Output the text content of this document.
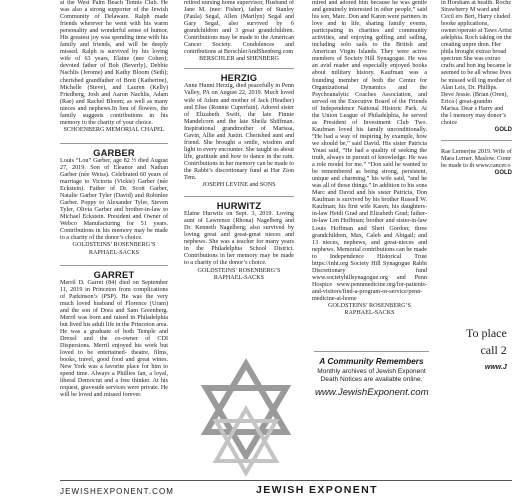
at the West Palm Beach Tennis Club. He was also a strong supporter of the Jewish Community of Delaware. Ralph made friends wherever he went with his warm personality and wonderful sense of humor. His greatest joy was spending time with his family and friends, and will be deeply missed. Ralph is survived by his loving wife of 63 years, Elaine (nee Cohen); devoted father of Bob (Beverly), Debbie Nachlis (Jerome) and Kathy Bloom (Seth); cherished grandfather of Brett (Katherine), Michelle (Steve), and Lauren (Kelly) Friedberg, Josh and Aaron Nachlis, Adam (Rae) and Rachel Bloom; as well as many nieces and nephews.In lieu of flowers, the family suggests contributions in his memory to the charity of your choice.

SCHOENBERG MEMORIAL CHAPEL

GARBER

Louis “Lou” Garber, age 82 ½ died August 27, 2019. Son of Eleanor and Nathan Garber (née Weiss). Celebrated 60 years of marriage to Victoria (Vickie) Garber (née Eckstein). Father of Dr. Scott Garber, Natalie Garber Tyler (David) and Robinlee Garber. Poppy to Alexander Tyler, Steven Tyler, Olivia Garber and brother-in-law to Michael Eckstein. President and Owner of Webco Manufacturing for 51 years. Contributions in his memory may be made to a charity of the donor’s choice.

GOLDSTEINS’ ROSENBERG’S

RAPHAEL-SACKS

GARRET

Merril D. Garret (84) died on September 11, 2019 in Princeton from complications of Parkinson’s (PSP). He was the very much loved husband of Florence (Uram) and the son of Dora and Sam Greenberg. Merril was born and raised in Philadelphia but lived his adult life in the Princeton area. He was a graduate of both Temple and Drexel and the co-owner of CDI Dispersions. Merril enjoyed his work but loved to be entertained- theatre, films, books, travel, good food and great wines. New York was a favorite place for him to spend time. Always a Phillies fan, a loyal, liberal Democrat and a free thinker. At his request, graveside services were private. He will be loved and missed forever.

retired nursing home supervisor, Husband of Jane M. (nee: Fisher), father of Stanley (Paula) Segal, Allen (Marilyn) Segal and Gary Segal, also survived by 6 grandchildren and 3 great grandchildren. Contributions may be made to the American Cancer Society. Condolences and contributions at BerschlerAndShenberg.com

BERSCHLER and SHENBERG

HERZIG

Anne Hunni Herzig, died peacefully in Penn Valley, PA on August 22, 2019. Much loved wife of Adam and mother of Jack (Heather) and Elise (Ronnie Cuperfain). Adored sister of Elizabeth Swift, the late Finnie Mandelcorn and the late Sheila Shiffman. Inspirational grandmother of Marissa, Gavin, Allie and Justin. Cherished aunt and friend. She brought a smile, wisdom and light to every encounter. She taught us about life, gratitude and how to dance in the rain. Contributions in her memory can be made to the Rabbi’s discretionary fund at Har Zion Tem.

JOSEPH LEVINE and SONS

HURWITZ

Elaine Hurwitz on Sept. 3, 2019. Loving aunt of Lawrence (Rhona) Nagelberg and Dr. Kenneth Nagelberg; also survived by loving great and great-great nieces and nephews. She was a teacher for many years in the Philadelphia School District. Contributions in her memory may be made to a charity of the donor’s choice.

GOLDSTEINS’ ROSENBERG’S

RAPHAEL-SACKS

mired and adored him because he was gentle and genuinely interested in other people,” said his son, Marc. Don and Karen were partners in love and in life, sharing family events, participating in charities and community activities, and enjoying golfing and sailing, including solo sails to the British and American Virgin Islands. They were active members of Society Hill Synagogue. He was an avid reader and especially enjoyed books about military history. Kaufman was a founding member of both the Center for Organizational Dynamics and the Psychoanalytic Coaches Association, and served on the Executive Board of the Friends of Independence National Historic Park. At the Union League of Philadelphia, he served as President of Investment Club Two. Kaufman loved his family unconditionally. “He had a way of inspiring by example, how we should be,” said David. His sister Patricia Youst said, “He had a quality of seeking the truth, always in pursuit of knowledge. He was a role model for me.” “Don said he wanted to be remembered as being strong, persistent, unique and charming,” his wife said, “and he was all of those things.” In addition to his sons Marc and David and his sister Patricia, Don Kaufman is survived by his brother Russell W. Kaufman; his first wife Karen; his daughters-in-law Heidi Grad and Elizabeth Grad; father-in-law Len Hoffman; brother and sister-in-law Louis Hoffman and Sheri Gordon; three grandchildren, Max, Caleb and Abigail; and 13 nieces, nephews, and great-nieces and nephews. Memorial contributions can be made to Independence Historical Trust https://inht.org Society Hill Synagogue Rabbi Discretionary fund www.societyhillsynagogue.org and Penn Hospice www.pennmedicine.org/for-patients-and-visitors/find-a-program-or-service/penn-medicine-at-home

GOLDSTEINS’ ROSENBERG’S

RAPHAEL-SACKS

A Community Remembers
Monthly archives of Jewish Exponent Death Notices are available online.
www.JewishExponent.com

in Horsham at health. Roche Strawberry M ward and Cecil ers Bert, Harry cluded booke applications, owner/operato at Taws Artist adelphia. Roch taking on the creating unpre dren. Her phila brought extrao broad spectrun She was extrao crafts and hon ing became le seemed to be all whose lives be missed will ing mother of Alan Leis, Dr. Phillips. Deve Jessie. (Brian (Oren), Erica ( great-grandm Marisa. Dear s Harry and the l memory may donor’s choice

GOLD

Rae Lerner(ne 2019. Wife of Mara Lerner. Maslow. Contr be made to th www.cancer.o

GOLD

To place
call 2
www.J
JEWISHEXPONENT.COM	JEWISH EXPONENT
